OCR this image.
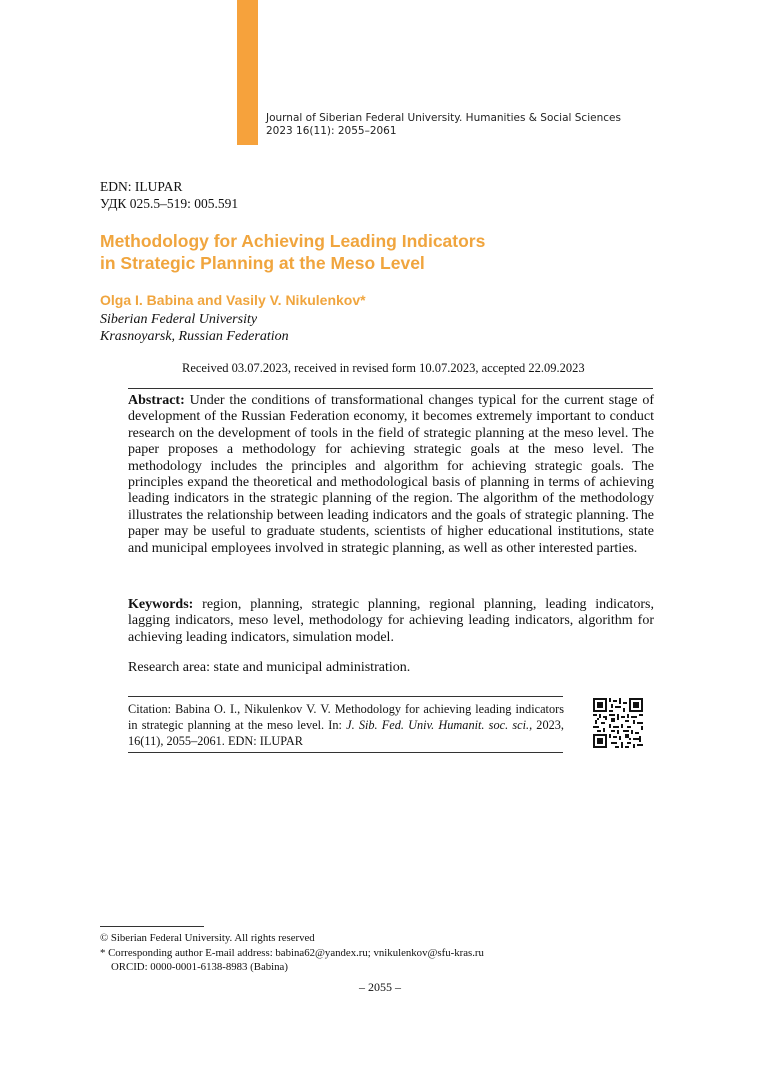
Journal of Siberian Federal University. Humanities & Social Sciences
2023 16(11): 2055–2061
EDN: ILUPAR
УДК 025.5–519: 005.591
Methodology for Achieving Leading Indicators
in Strategic Planning at the Meso Level
Olga I. Babina and Vasily V. Nikulenkov*
Siberian Federal University
Krasnoyarsk, Russian Federation
Received 03.07.2023, received in revised form 10.07.2023, accepted 22.09.2023

Abstract: Under the conditions of transformational changes typical for the current stage of development of the Russian Federation economy, it becomes extremely important to conduct research on the development of tools in the field of strategic planning at the meso level. The paper proposes a methodology for achieving strategic goals at the meso level. The methodology includes the principles and algorithm for achieving strategic goals. The principles expand the theoretical and methodological basis of planning in terms of achieving leading indicators in the strategic planning of the region. The algorithm of the methodology illustrates the relationship between leading indicators and the goals of strategic planning. The paper may be useful to graduate students, scientists of higher educational institutions, state and municipal employees involved in strategic planning, as well as other interested parties.

Keywords: region, planning, strategic planning, regional planning, leading indicators, lagging indicators, meso level, methodology for achieving leading indicators, algorithm for achieving leading indicators, simulation model.

Research area: state and municipal administration.

Citation: Babina O. I., Nikulenkov V. V. Methodology for achieving leading indicators in strategic planning at the meso level. In: J. Sib. Fed. Univ. Humanit. soc. sci., 2023, 16(11), 2055–2061. EDN: ILUPAR

© Siberian Federal University. All rights reserved
* Corresponding author E-mail address: babina62@yandex.ru; vnikulenkov@sfu-kras.ru
ORCID: 0000-0001-6138-8983 (Babina)
– 2055 –
